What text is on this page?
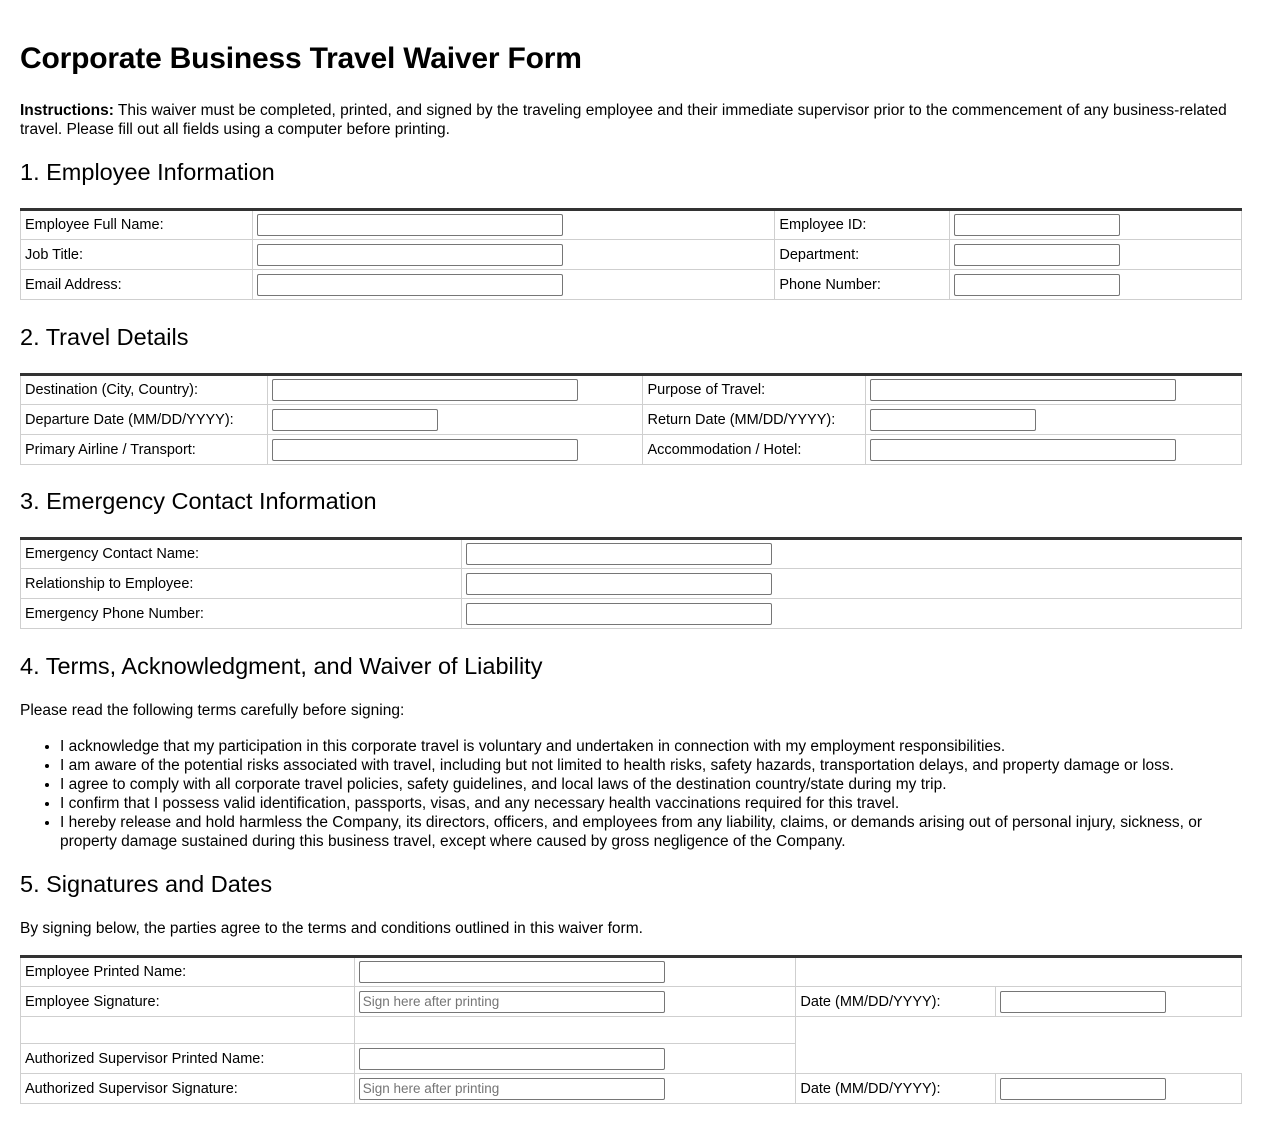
Corporate Business Travel Waiver Form
Instructions: This waiver must be completed, printed, and signed by the traveling employee and their immediate supervisor prior to the commencement of any business-related travel. Please fill out all fields using a computer before printing.
1. Employee Information
Employee Full Name:		Employee ID:	

Job Title:		Department:	

Email Address:		Phone Number:	
2. Travel Details
Destination (City, Country):		Purpose of Travel:	

Departure Date (MM/DD/YYYY):		Return Date (MM/DD/YYYY):	

Primary Airline / Transport:		Accommodation / Hotel:	
3. Emergency Contact Information
Emergency Contact Name:	

Relationship to Employee:	

Emergency Phone Number:	
4. Terms, Acknowledgment, and Waiver of Liability

Please read the following terms carefully before signing:

• I acknowledge that my participation in this corporate travel is voluntary and undertaken in connection with my employment responsibilities.
• I am aware of the potential risks associated with travel, including but not limited to health risks, safety hazards, transportation delays, and property damage or loss.
• I agree to comply with all corporate travel policies, safety guidelines, and local laws of the destination country/state during my trip.
• I confirm that I possess valid identification, passports, visas, and any necessary health vaccinations required for this travel.
• I hereby release and hold harmless the Company, its directors, officers, and employees from any liability, claims, or demands arising out of personal injury, sickness, or property damage sustained during this business travel, except where caused by gross negligence of the Company.
5. Signatures and Dates

By signing below, the parties agree to the terms and conditions outlined in this waiver form.

Employee Printed Name:		

Employee Signature:	Sign here after printing	Date (MM/DD/YYYY):	

Authorized Supervisor Printed Name:		

Authorized Supervisor Signature:	Sign here after printing	Date (MM/DD/YYYY):	
